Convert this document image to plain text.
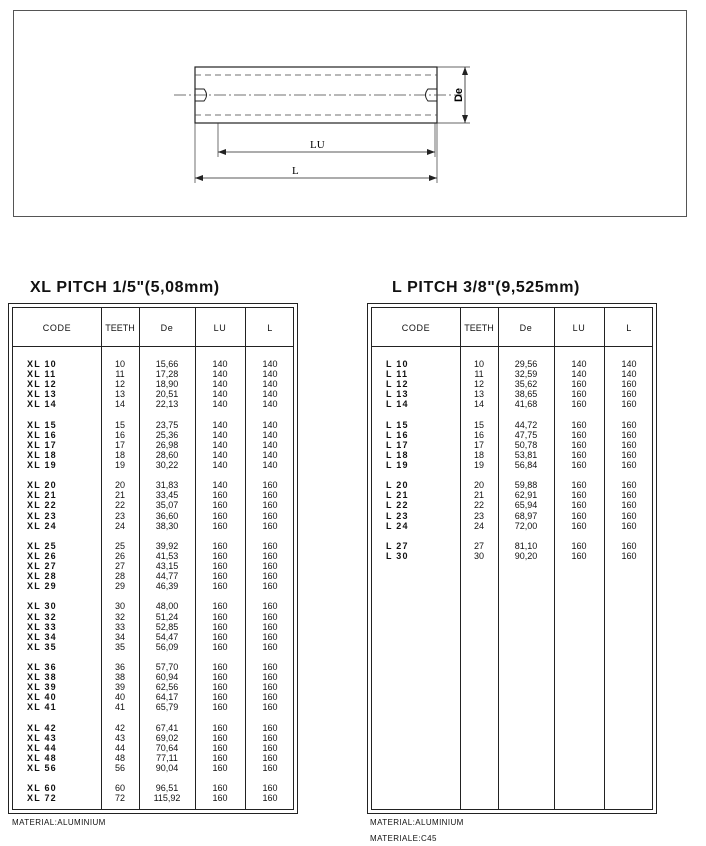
De
LU
L
XL PITCH 1/5"(5,08mm)
CODE	TEETH	De	LU	L
XL 10	10	15,66	140	140
XL 11	11	17,28	140	140
XL 12	12	18,90	140	140
XL 13	13	20,51	140	140
XL 14	14	22,13	140	140
XL 15	15	23,75	140	140
XL 16	16	25,36	140	140
XL 17	17	26,98	140	140
XL 18	18	28,60	140	140
XL 19	19	30,22	140	140
XL 20	20	31,83	140	160
XL 21	21	33,45	160	160
XL 22	22	35,07	160	160
XL 23	23	36,60	160	160
XL 24	24	38,30	160	160
XL 25	25	39,92	160	160
XL 26	26	41,53	160	160
XL 27	27	43,15	160	160
XL 28	28	44,77	160	160
XL 29	29	46,39	160	160
XL 30	30	48,00	160	160
XL 32	32	51,24	160	160
XL 33	33	52,85	160	160
XL 34	34	54,47	160	160
XL 35	35	56,09	160	160
XL 36	36	57,70	160	160
XL 38	38	60,94	160	160
XL 39	39	62,56	160	160
XL 40	40	64,17	160	160
XL 41	41	65,79	160	160
XL 42	42	67,41	160	160
XL 43	43	69,02	160	160
XL 44	44	70,64	160	160
XL 48	48	77,11	160	160
XL 56	56	90,04	160	160
XL 60	60	96,51	160	160
XL 72	72	115,92	160	160
MATERIAL:ALUMINIUM
L PITCH 3/8"(9,525mm)
CODE	TEETH	De	LU	L
L 10	10	29,56	140	140
L 11	11	32,59	140	140
L 12	12	35,62	160	160
L 13	13	38,65	160	160
L 14	14	41,68	160	160
L 15	15	44,72	160	160
L 16	16	47,75	160	160
L 17	17	50,78	160	160
L 18	18	53,81	160	160
L 19	19	56,84	160	160
L 20	20	59,88	160	160
L 21	21	62,91	160	160
L 22	22	65,94	160	160
L 23	23	68,97	160	160
L 24	24	72,00	160	160
L 27	27	81,10	160	160
L 30	30	90,20	160	160
MATERIAL:ALUMINIUM
MATERIALE:C45
